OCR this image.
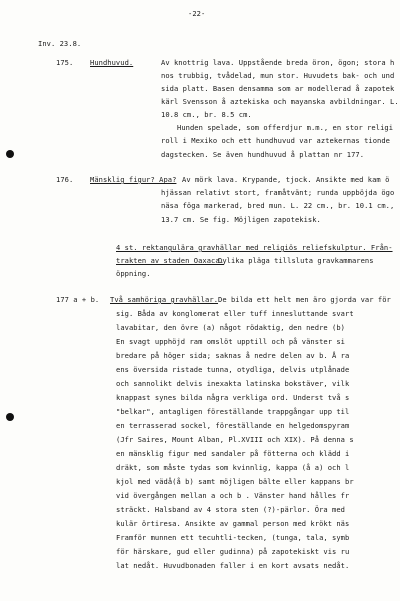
-22-
Inv. 23.8.
175. Hundhuvud.	Av knottrig lava. Uppstående breda öron, ögon; stora h
nos trubbig, tvådelad, mun stor. Huvudets bak- och und
sida platt. Basen densamma som ar modellerad å zapotek
kärl Svensson å aztekiska och mayanska avbildningar. L.
10.8 cm., br. 8.5 cm.
Hunden spelade, som offerdjur m.m., en stor religi
roll i Mexiko och ett hundhuvud var aztekernas tionde
dagstecken. Se även hundhuvud å plattan nr 177.
176. Mänsklig figur? Apa? Av mörk lava. Krypande, tjock. Ansikte med kam ö
hjässan relativt stort, framåtvänt; runda uppböjda ögo
näsa föga markerad, bred mun. L. 22 cm., br. 10.1 cm.,
13.7 cm. Se fig. Möjligen zapotekisk.
4 st. rektangulära gravhällar med religiös reliefskulptur. Från-
trakten av staden Oaxaca.
Dylika pläga tillsluta gravkammarens
öppning.
177 a + b. Två samhöriga gravhällar. De bilda ett helt men äro gjorda var för
sig. Båda av konglomerat eller tuff innesluttande svart
lavabitar, den övre (a) något rödaktig, den nedre (b)
En svagt upphöjd ram omslöt upptill och på vänster si
bredare på höger sida; saknas å nedre delen av b. Å ra
ens översida ristade tunna, otydliga, delvis utplånade
och sannolikt delvis inexakta latinska bokstäver, vilk
knappast synes bilda några verkliga ord. Underst två s
"belkar", antagligen föreställande trappgångar upp til
en terrasserad sockel, föreställande en helgedomspyram
(Jfr Saires, Mount Alban, Pl.XVIII och XIX). På denna s
en mänsklig figur med sandaler på fötterna och klädd i
dräkt, som måste tydas som kvinnlig, kappa (å a) och l
kjol med vädå(å b) samt möjligen bälte eller kappans br
vid övergången mellan a och b . Vänster hand hålles fr
sträckt. Halsband av 4 stora sten (?)-pärlor. Öra med
kulär örtiresa. Ansikte av gammal person med krökt näs
Framför munnen ett tecuhtli-tecken, (tunga, tala, symb
för härskare, gud eller gudinna) på zapotekiskt vis ru
lat nedåt. Huvudbonaden faller i en kort avsats nedåt.
